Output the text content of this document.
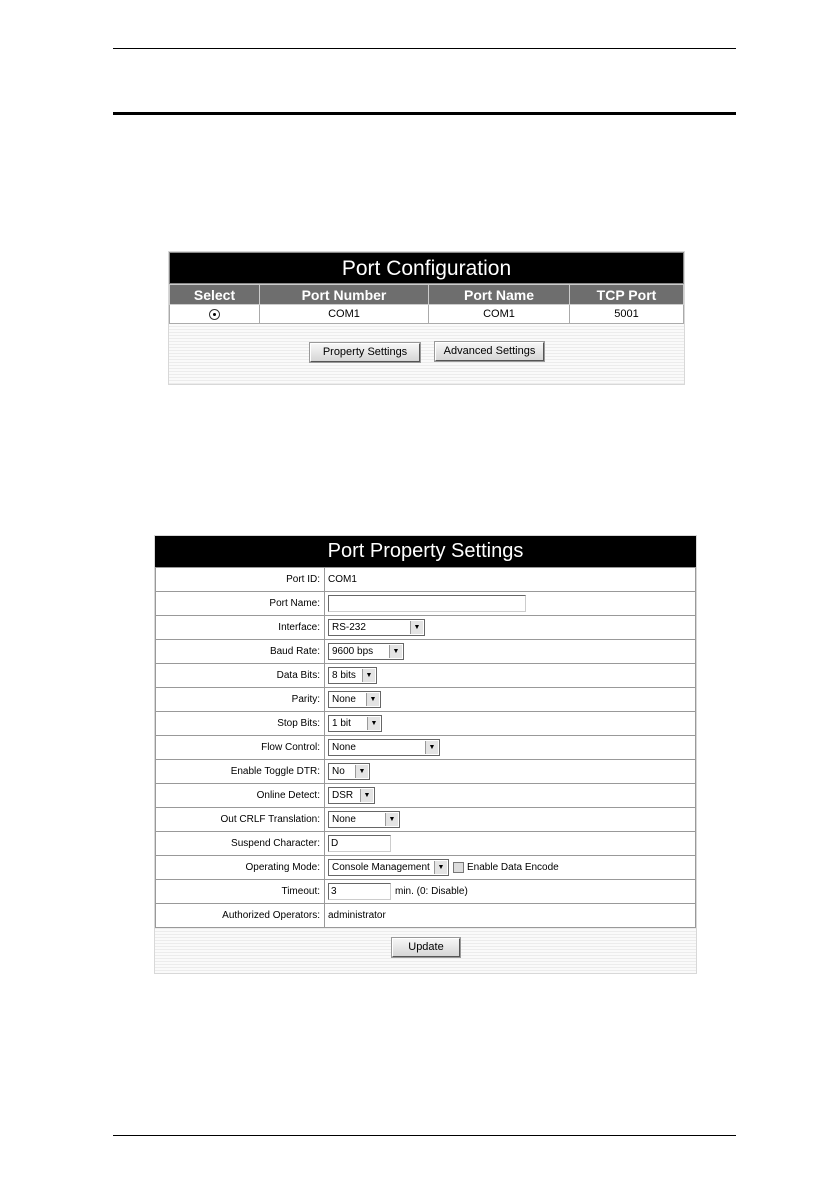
Port Configuration
Select	Port Number	Port Name	TCP Port
	COM1	COM1	5001
Property Settings	Advanced Settings
Port Property Settings
Port ID:	COM1
Port Name:	
Interface:	RS-232 ▼

Baud Rate:	9600 bps ▼

Data Bits:	8 bits ▼

Parity:	None ▼

Stop Bits:	1 bit ▼

Flow Control:	None ▼

Enable Toggle DTR:	No ▼

Online Detect:	DSR ▼

Out CRLF Translation:	None ▼

Suspend Character:	D
Operating Mode:	Console Management ▼ Enable Data Encode
Timeout:	3 min. (0: Disable)
Authorized Operators:	administrator
Update
